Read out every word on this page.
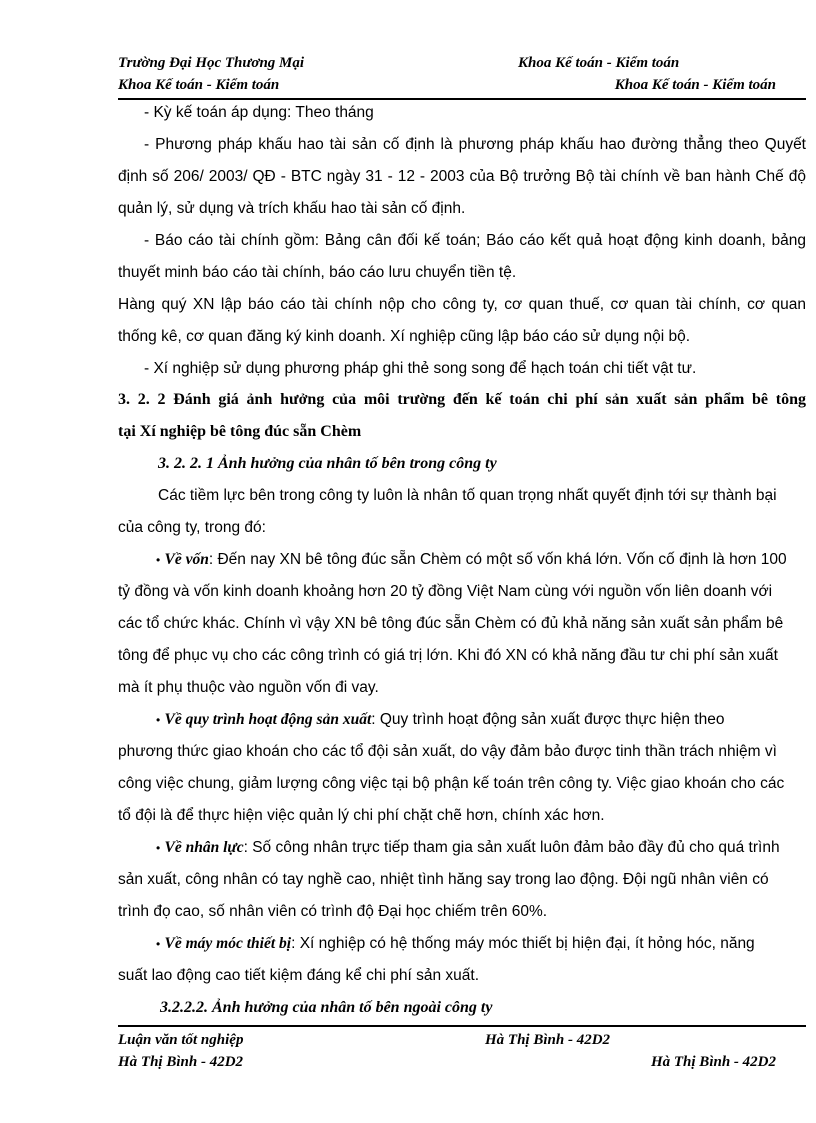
Trường Đại Học Thương Mại	Khoa Kế toán - Kiểm toán
Khoa Kế toán - Kiểm toán	Khoa Kế toán - Kiểm toán
- Kỳ kế toán áp dụng: Theo tháng
- Phương pháp khấu hao tài sản cố định là phương pháp khấu hao đường thẳng theo Quyết
định số 206/ 2003/ QĐ - BTC ngày 31 - 12 - 2003 của Bộ trưởng Bộ tài chính về ban hành Chế độ
quản lý, sử dụng và trích khấu hao tài sản cố định.
- Báo cáo tài chính gồm: Bảng cân đối kế toán; Báo cáo kết quả hoạt động kinh doanh, bảng
thuyết minh báo cáo tài chính, báo cáo lưu chuyển tiền tệ.
Hàng quý XN lập báo cáo tài chính nộp cho công ty, cơ quan thuế, cơ quan tài chính, cơ quan
thống kê, cơ quan đăng ký kinh doanh. Xí nghiệp cũng lập báo cáo sử dụng nội bộ.
- Xí nghiệp sử dụng phương pháp ghi thẻ song song để hạch toán chi tiết vật tư.
3. 2. 2 Đánh giá ảnh hưởng của môi trường đến kế toán chi phí sản xuất sản phẩm bê tông
tại Xí nghiệp bê tông đúc sẵn Chèm
3. 2. 2. 1 Ảnh hưởng của nhân tố bên trong công ty
Các tiềm lực bên trong công ty luôn là nhân tố quan trọng nhất quyết định tới sự thành bại
của công ty, trong đó:
• Về vốn: Đến nay XN bê tông đúc sẵn Chèm có một số vốn khá lớn. Vốn cố định là hơn 100
tỷ đồng và vốn kinh doanh khoảng hơn 20 tỷ đồng Việt Nam cùng với nguồn vốn liên doanh với
các tổ chức khác. Chính vì vậy XN bê tông đúc sẵn Chèm có đủ khả năng sản xuất sản phẩm bê
tông để phục vụ cho các công trình có giá trị lớn. Khi đó XN có khả năng đầu tư chi phí sản xuất
mà ít phụ thuộc vào nguồn vốn đi vay.
• Về quy trình hoạt động sản xuất: Quy trình hoạt động sản xuất được thực hiện theo
phương thức giao khoán cho các tổ đội sản xuất, do vậy đảm bảo được tinh thần trách nhiệm vì
công việc chung, giảm lượng công việc tại bộ phận kế toán trên công ty. Việc giao khoán cho các
tổ đội là để thực hiện việc quản lý chi phí chặt chẽ hơn, chính xác hơn.
• Về nhân lực: Số công nhân trực tiếp tham gia sản xuất luôn đảm bảo đầy đủ cho quá trình
sản xuất, công nhân có tay nghề cao, nhiệt tình hăng say trong lao động. Đội ngũ nhân viên có
trình đọ cao, số nhân viên có trình độ Đại học chiếm trên 60%.
• Về máy móc thiết bị: Xí nghiệp có hệ thống máy móc thiết bị hiện đại, ít hỏng hóc, năng
suất lao động cao tiết kiệm đáng kể chi phí sản xuất.
3.2.2.2. Ảnh hưởng của nhân tố bên ngoài công ty
Luận văn tốt nghiệp	Hà Thị Bình - 42D2
Hà Thị Bình - 42D2	Hà Thị Bình - 42D2
